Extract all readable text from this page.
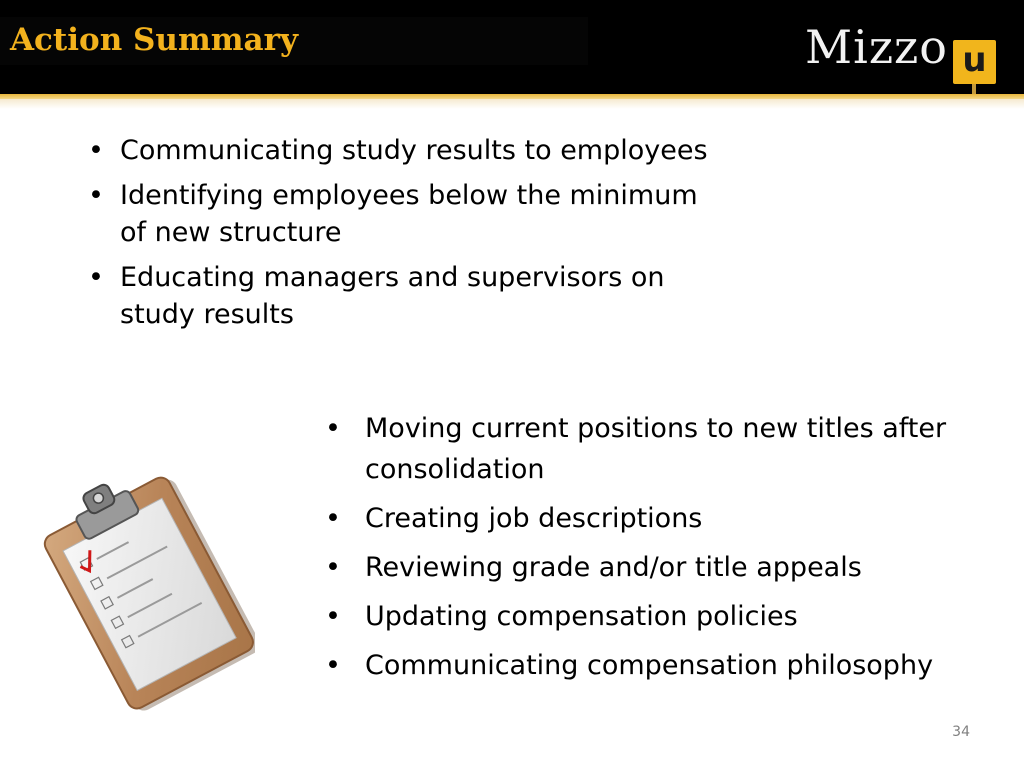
Action Summary	Mizzo u
• Communicating study results to employees
• Identifying employees below the minimum of new structure
• Educating managers and supervisors on study results
• Moving current positions to new titles after consolidation
• Creating job descriptions
• Reviewing grade and/or title appeals
• Updating compensation policies
• Communicating compensation philosophy
34
